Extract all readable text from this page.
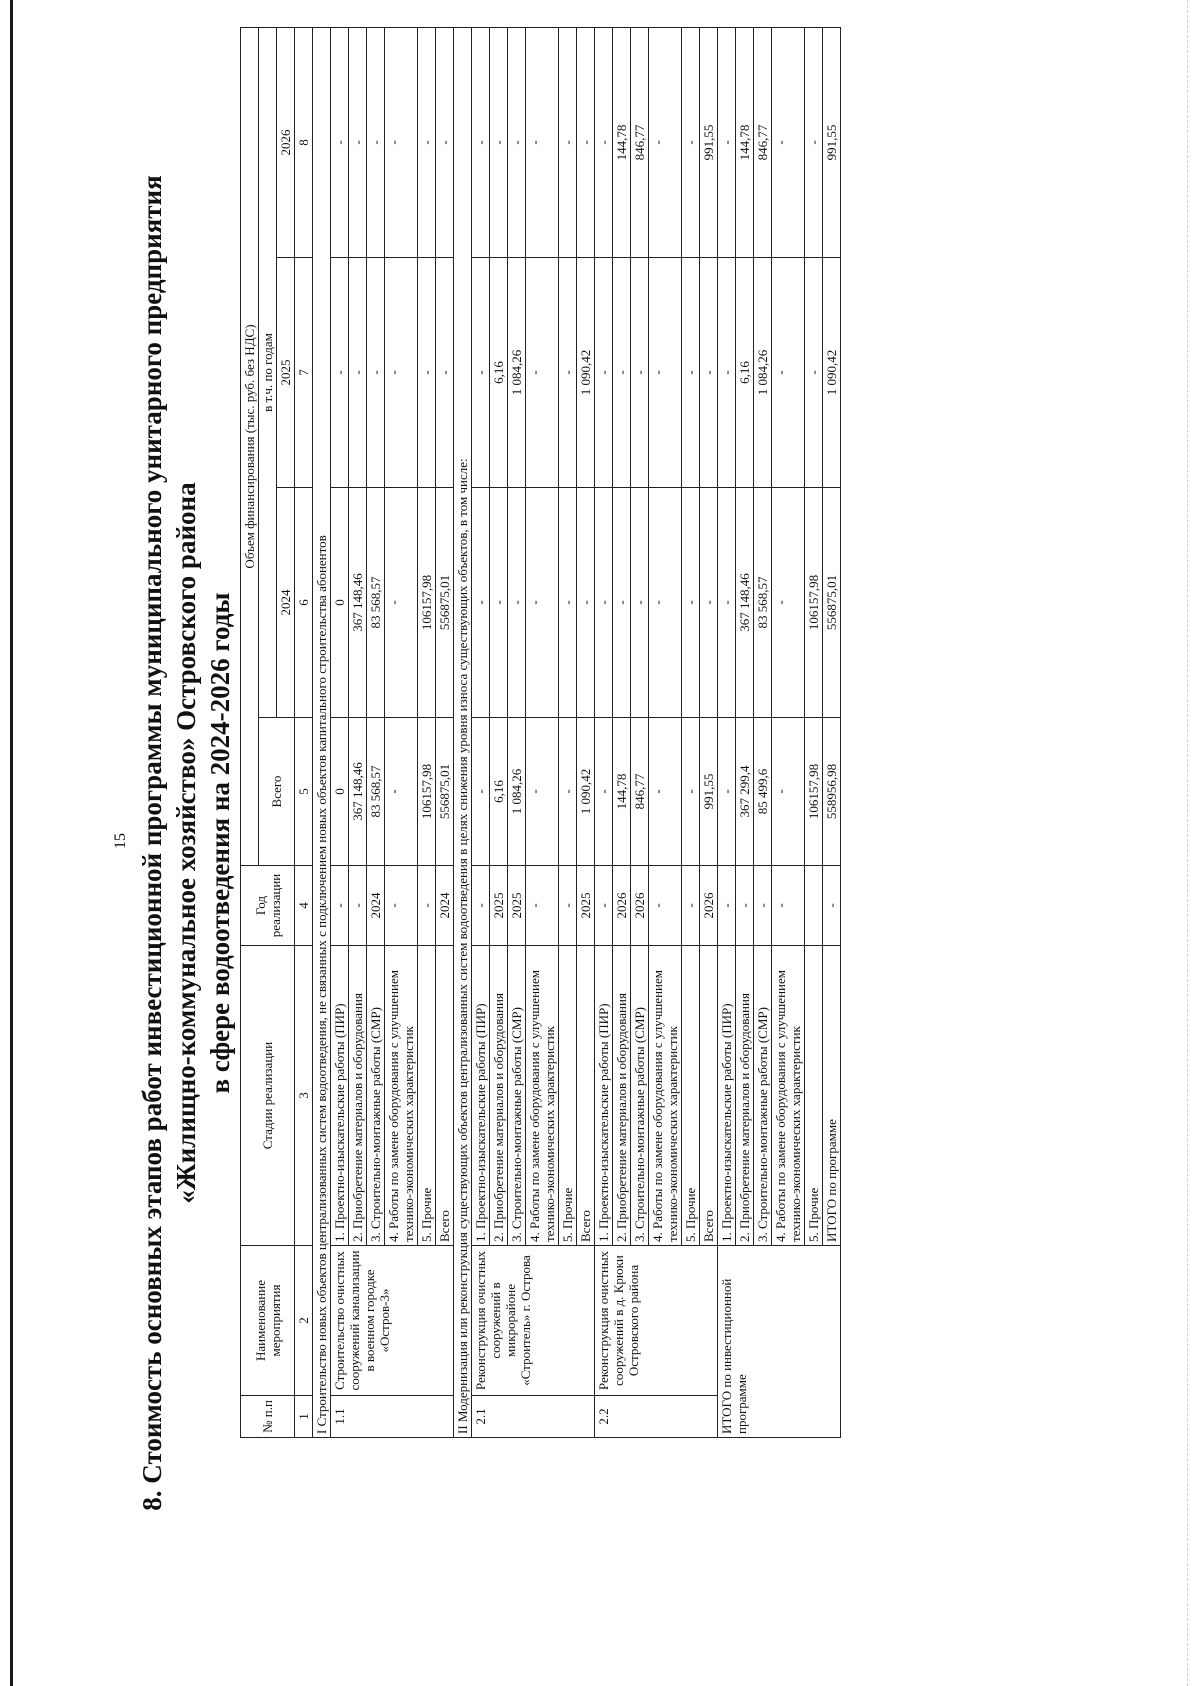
15 8. Стоимость основных этапов работ инвестиционной программы муниципального унитарного предприятия «Жилищно-коммунальное хозяйство» Островского района в сфере водоотведения на 2024-2026 годы
№ п.п	Наименование мероприятия	Стадии реализации	Год реализации	Объем финансирования (тыс. руб. без НДС)			
				Всего	в т.ч. по годам		
					2024	2025	2026
1	2	3	4	5	6	7	8
I Строительство новых объектов централизованных систем водоотведения, не связанных с подключением новых объектов капитального строительства абонентов							
1.1	Строительство очистных сооружений канализации в военном городке «Остров-3»	1. Проектно-изыскательские работы (ПИР)	-	0	0	-	-
		2. Приобретение материалов и оборудования	-	367 148,46	367 148,46	-	-
		3. Строительно-монтажные работы (СМР)	2024	83 568,57	83 568,57	-	-
		4. Работы по замене оборудования с улучшением технико-экономических характеристик	-	-	-	-	-
		5. Прочие	-	106157,98	106157,98	-	-
		Всего	2024	556875,01	556875,01	-	-
II Модернизация или реконструкция существующих объектов централизованных систем водоотведения в целях снижения уровня износа существующих объектов, в том числе:							
2.1	Реконструкция очистных сооружений в микрорайоне «Строитель» г. Острова	1. Проектно-изыскательские работы (ПИР)	-	-	-	-	-
		2. Приобретение материалов и оборудования	2025	6,16	-	6,16	-
		3. Строительно-монтажные работы (СМР)	2025	1 084,26	-	1 084,26	-
		4. Работы по замене оборудования с улучшением технико-экономических характеристик	-	-	-	-	-
		5. Прочие	-	-	-	-	-
		Всего	2025	1 090,42	-	1 090,42	-
2.2	Реконструкция очистных сооружений в д. Крюки Островского района	1. Проектно-изыскательские работы (ПИР)	-	-	-	-	-
		2. Приобретение материалов и оборудования	2026	144,78	-	-	144,78
		3. Строительно-монтажные работы (СМР)	2026	846,77	-	-	846,77
		4. Работы по замене оборудования с улучшением технико-экономических характеристик	-	-	-	-	-
		5. Прочие	-	-	-	-	-
		Всего	2026	991,55	-	-	991,55
ИТОГО по инвестиционной программе		1. Проектно-изыскательские работы (ПИР)	-	-	-	-	-
		2. Приобретение материалов и оборудования	-	367 299,4	367 148,46	6,16	144,78
		3. Строительно-монтажные работы (СМР)	-	85 499,6	83 568,57	1 084,26	846,77
		4. Работы по замене оборудования с улучшением технико-экономических характеристик	-	-	-	-	-
		5. Прочие		106157,98	106157,98	-	-
		ИТОГО по программе	-	558956,98	556875,01	1 090,42	991,55
